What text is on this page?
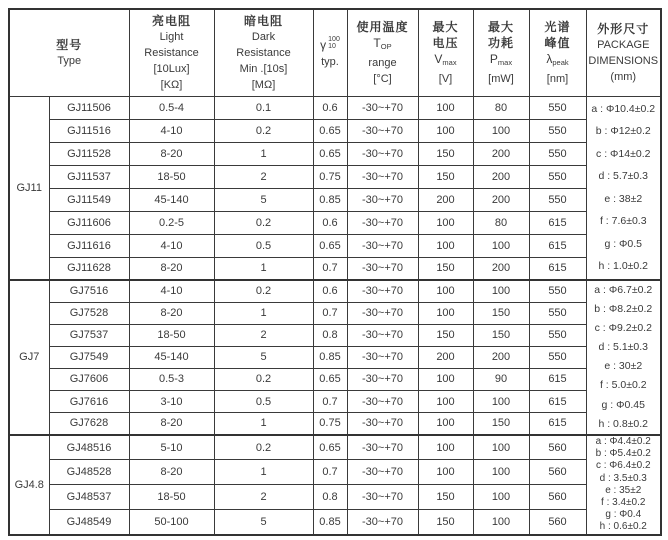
型号
Type

亮电阻
Light
Resistance
[10Lux]
[KΩ]

暗电阻
Dark
Resistance
Min .[10s]
[MΩ]

γ 100
10
typ.

使用温度
$T_{OP}$
range
[°C]

最大
电压
$V_{max}$
[V]

最大
功耗
$P_{max}$
[mW]

光谱
峰值
$\lambda_{peak}$
[nm]

外形尺寸
PACKAGE
DIMENSIONS
(mm)

GJ11	GJ11506	0.5-4	0.1	0.6	-30~+70	100	80	550	a : Φ10.4±0.2
b : Φ12±0.2
c : Φ14±0.2
d : 5.7±0.3
e : 38±2
f : 7.6±0.3
g : Φ0.5
h : 1.0±0.2

	GJ11516	4-10	0.2	0.65	-30~+70	100	100	550	
	GJ11528	8-20	1	0.65	-30~+70	150	200	550	
	GJ11537	18-50	2	0.75	-30~+70	150	200	550	
	GJ11549	45-140	5	0.85	-30~+70	200	200	550	
	GJ11606	0.2-5	0.2	0.6	-30~+70	100	80	615	
	GJ11616	4-10	0.5	0.65	-30~+70	100	100	615	
	GJ11628	8-20	1	0.7	-30~+70	150	200	615	
GJ7	GJ7516	4-10	0.2	0.6	-30~+70	100	100	550	a : Φ6.7±0.2
b : Φ8.2±0.2
c : Φ9.2±0.2
d : 5.1±0.3
e : 30±2
f : 5.0±0.2
g : Φ0.45
h : 0.8±0.2

	GJ7528	8-20	1	0.7	-30~+70	100	150	550	
	GJ7537	18-50	2	0.8	-30~+70	150	150	550	
	GJ7549	45-140	5	0.85	-30~+70	200	200	550	
	GJ7606	0.5-3	0.2	0.65	-30~+70	100	90	615	
	GJ7616	3-10	0.5	0.7	-30~+70	100	100	615	
	GJ7628	8-20	1	0.75	-30~+70	100	150	615	
GJ4.8	GJ48516	5-10	0.2	0.65	-30~+70	100	100	560	
a : Φ4.4±0.2
b : Φ5.4±0.2
c : Φ6.4±0.2
d : 3.5±0.3
e : 35±2
f : 3.4±0.2
g : Φ0.4
h : 0.6±0.2

	GJ48528	8-20	1	0.7	-30~+70	100	100	560	
	GJ48537	18-50	2	0.8	-30~+70	150	100	560	
	GJ48549	50-100	5	0.85	-30~+70	150	100	560	
